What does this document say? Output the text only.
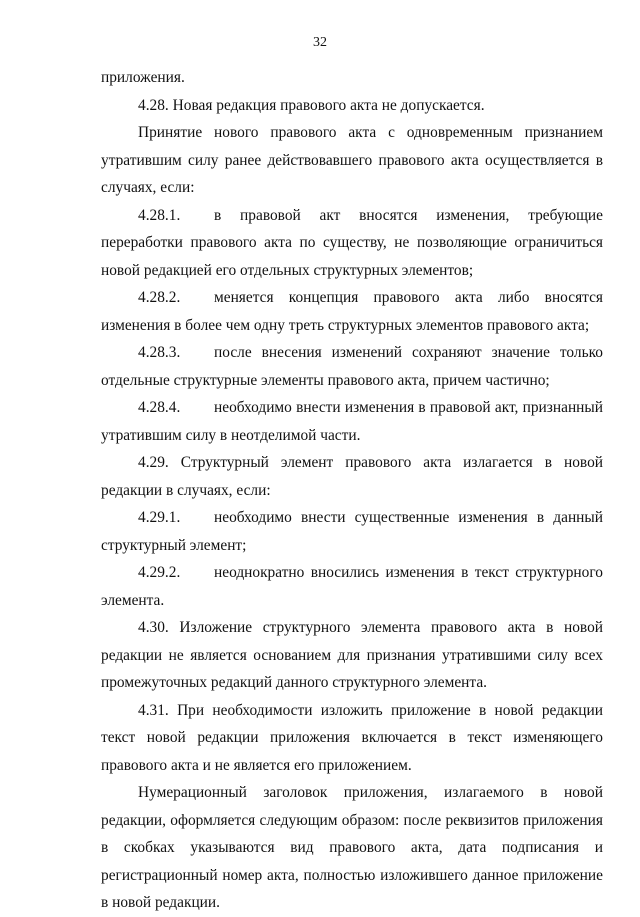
32

приложения.

4.28. Новая редакция правового акта не допускается.

Принятие нового правового акта с одновременным признанием утратившим силу ранее действовавшего правового акта осуществляется в случаях, если:

4.28.1.	в правовой акт вносятся изменения, требующие

переработки правового акта по существу, не позволяющие ограничиться новой редакцией его отдельных структурных элементов;

4.28.2.	меняется концепция правового акта либо вносятся

изменения в более чем одну треть структурных элементов правового акта;

4.28.3.	после внесения изменений сохраняют значение только

отдельные структурные элементы правового акта, причем частично;

4.28.4.	необходимо внести изменения в правовой акт, признанный

утратившим силу в неотделимой части.

4.29. Структурный элемент правового акта излагается в новой редакции в случаях, если:

4.29.1.	необходимо внести существенные изменения в данный

структурный элемент;

4.29.2.	неоднократно вносились изменения в текст структурного

элемента.

4.30. Изложение структурного элемента правового акта в новой редакции не является основанием для признания утратившими силу всех промежуточных редакций данного структурного элемента.

4.31. При необходимости изложить приложение в новой редакции текст новой редакции приложения включается в текст изменяющего правового акта и не является его приложением.

Нумерационный заголовок приложения, излагаемого в новой редакции, оформляется следующим образом: после реквизитов приложения в скобках указываются вид правового акта, дата подписания и регистрационный номер акта, полностью изложившего данное приложение в новой редакции.
